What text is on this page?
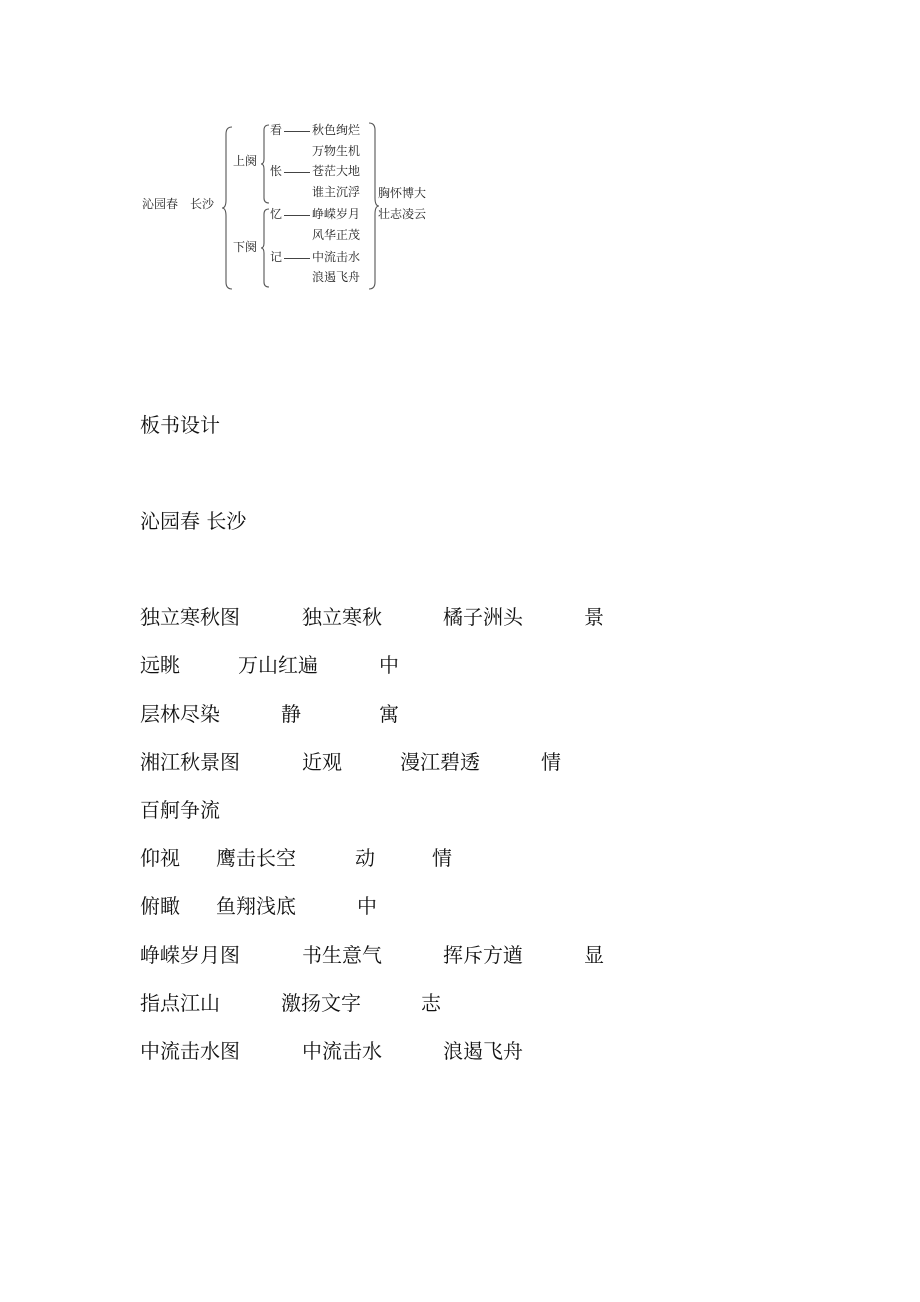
沁园春　长沙
上阕
下阕
看
怅
忆
记
秋色绚烂
万物生机
苍茫大地
谁主沉浮
峥嵘岁月
风华正茂
中流击水
浪遏飞舟
胸怀博大
壮志凌云
板书设计
沁园春 长沙
独立寒秋图	独立寒秋	橘子洲头	景
远眺	万山红遍	中
层林尽染	静	寓
湘江秋景图	近观	漫江碧透	情
百舸争流
仰视 鹰击长空	动	情
俯瞰 鱼翔浅底	中
峥嵘岁月图	书生意气	挥斥方遒	显
指点江山	激扬文字	志
中流击水图	中流击水	浪遏飞舟
